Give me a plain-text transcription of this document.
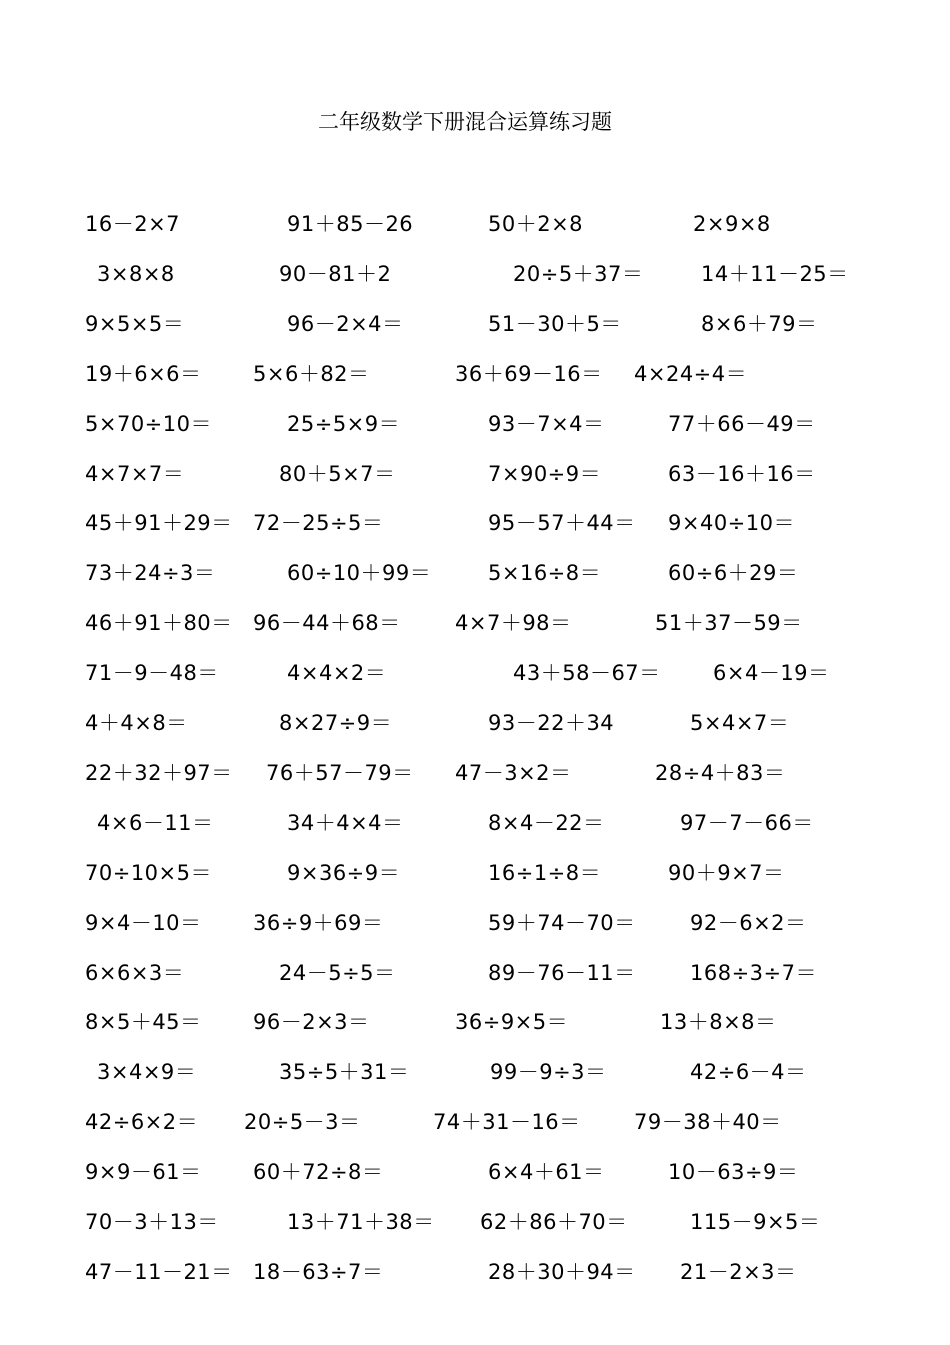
二年级数学下册混合运算练习题
16－2×7	91＋85－26	50＋2×8	2×9×8
3×8×8	90－81＋2	20÷5＋37＝	14＋11－25＝
9×5×5＝	96－2×4＝	51－30＋5＝	8×6＋79＝
19＋6×6＝ 5×6＋82＝	36＋69－16＝ 4×24÷4＝
5×70÷10＝	25÷5×9＝	93－7×4＝	77＋66－49＝
4×7×7＝	80＋5×7＝	7×90÷9＝	63－16＋16＝
45＋91＋29＝ 72－25÷5＝	95－57＋44＝ 9×40÷10＝
73＋24÷3＝	60÷10＋99＝	5×16÷8＝	60÷6＋29＝
46＋91＋80＝ 96－44＋68＝	4×7＋98＝	51＋37－59＝
71－9－48＝	4×4×2＝	43＋58－67＝ 6×4－19＝
4＋4×8＝	8×27÷9＝	93－22＋34	5×4×7＝
22＋32＋97＝ 76＋57－79＝ 47－3×2＝	28÷4＋83＝
4×6－11＝	34＋4×4＝	8×4－22＝	97－7－66＝
70÷10×5＝	9×36÷9＝	16÷1÷8＝	90＋9×7＝
9×4－10＝ 36÷9＋69＝	59＋74－70＝	92－6×2＝
6×6×3＝	24－5÷5＝	89－76－11＝	168÷3÷7＝
8×5＋45＝ 96－2×3＝	36÷9×5＝	13＋8×8＝
3×4×9＝	35÷5＋31＝	99－9÷3＝	42÷6－4＝
42÷6×2＝ 20÷5－3＝	74＋31－16＝	79－38＋40＝
9×9－61＝ 60＋72÷8＝	6×4＋61＝	10－63÷9＝
70－3＋13＝	13＋71＋38＝ 62＋86＋70＝	115－9×5＝
47－11－21＝ 18－63÷7＝	28＋30＋94＝ 21－2×3＝
